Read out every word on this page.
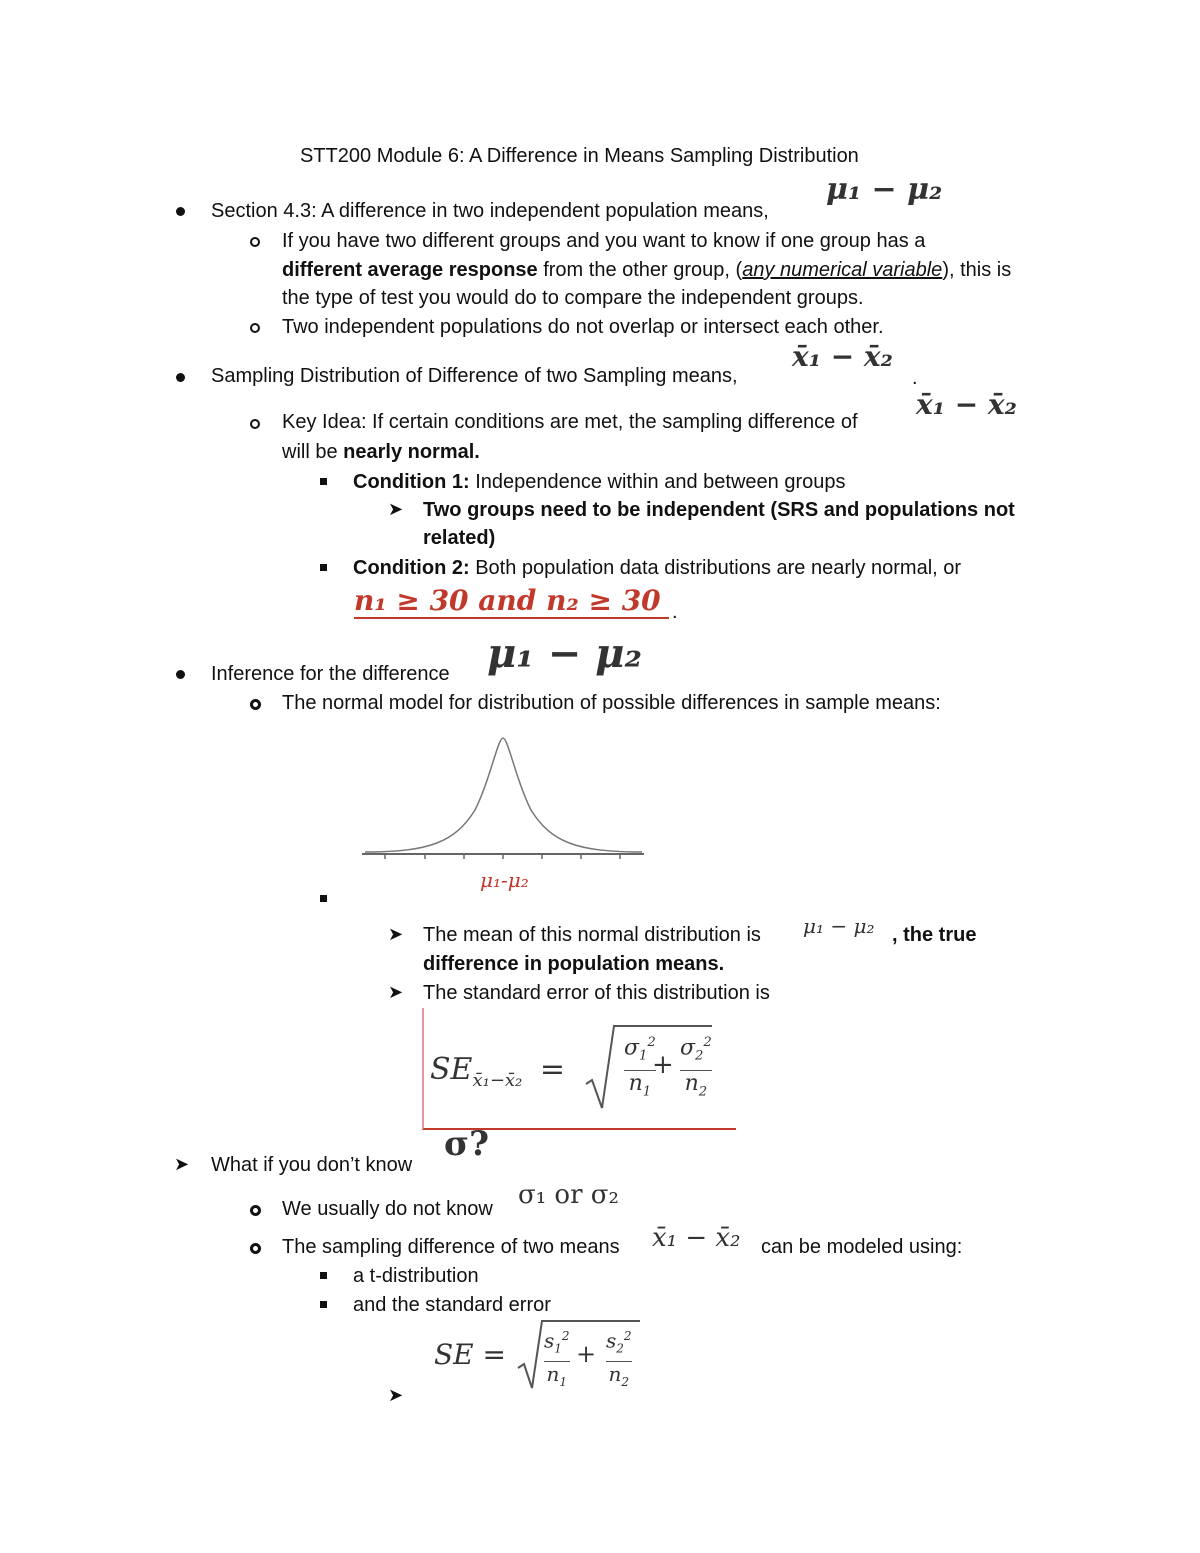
STT200 Module 6: A Difference in Means Sampling Distribution
Section 4.3: A difference in two independent population means,
μ₁ − μ₂
If you have two different groups and you want to know if one group has a
different average response from the other group, (any numerical variable), this is
the type of test you would do to compare the independent groups.
Two independent populations do not overlap or intersect each other.
Sampling Distribution of Difference of two Sampling means,
x̄₁ − x̄₂
.
Key Idea: If certain conditions are met, the sampling difference of
x̄₁ − x̄₂
will be nearly normal.
Condition 1: Independence within and between groups
➤ Two groups need to be independent (SRS and populations not
related)
Condition 2: Both population data distributions are nearly normal, or
n₁ ≥ 30 and n₂ ≥ 30 .
Inference for the difference μ₁ − μ₂
The normal model for distribution of possible differences in sample means:
μ₁-μ₂
➤ The mean of this normal distribution is μ₁ − μ₂ , the true
difference in population means.
➤ The standard error of this distribution is
$SE_{x̄_1-x̄_2}$ =
$\sigma_1^2$
$n_1$
+
$\sigma_2^2$
$n_2$
➤ What if you don’t know
σ?
We usually do not know σ₁ or σ₂
The sampling difference of two means x̄₁ − x̄₂ can be modeled using:
a t-distribution
and the standard error
SE = $s_1^2$
$n_1$
+ $s_2^2$
$n_2$
➤
